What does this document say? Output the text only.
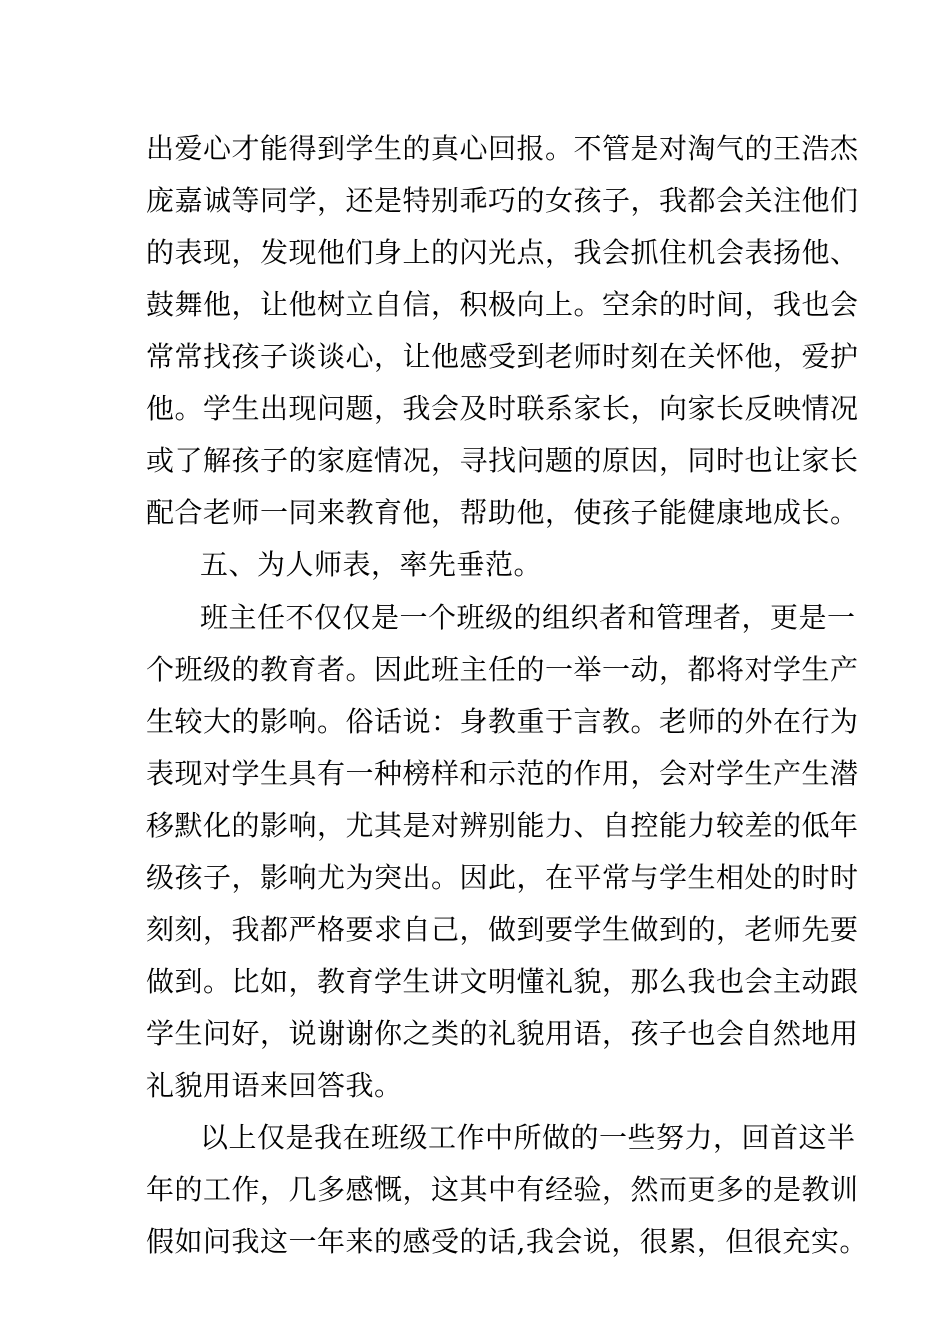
出爱心才能得到学生的真心回报。不管是对淘气的王浩杰
庞嘉诚等同学，还是特别乖巧的女孩子，我都会关注他们
的表现，发现他们身上的闪光点，我会抓住机会表扬他、
鼓舞他，让他树立自信，积极向上。空余的时间，我也会
常常找孩子谈谈心，让他感受到老师时刻在关怀他，爱护
他。学生出现问题，我会及时联系家长，向家长反映情况
或了解孩子的家庭情况，寻找问题的原因，同时也让家长
配合老师一同来教育他，帮助他，使孩子能健康地成长。
五、为人师表，率先垂范。
班主任不仅仅是一个班级的组织者和管理者，更是一
个班级的教育者。因此班主任的一举一动，都将对学生产
生较大的影响。俗话说：身教重于言教。老师的外在行为
表现对学生具有一种榜样和示范的作用，会对学生产生潜
移默化的影响，尤其是对辨别能力、自控能力较差的低年
级孩子，影响尤为突出。因此，在平常与学生相处的时时
刻刻，我都严格要求自己，做到要学生做到的，老师先要
做到。比如，教育学生讲文明懂礼貌，那么我也会主动跟
学生问好，说谢谢你之类的礼貌用语，孩子也会自然地用
礼貌用语来回答我。
以上仅是我在班级工作中所做的一些努力，回首这半
年的工作，几多感慨，这其中有经验，然而更多的是教训
假如问我这一年来的感受的话,我会说，很累，但很充实。
